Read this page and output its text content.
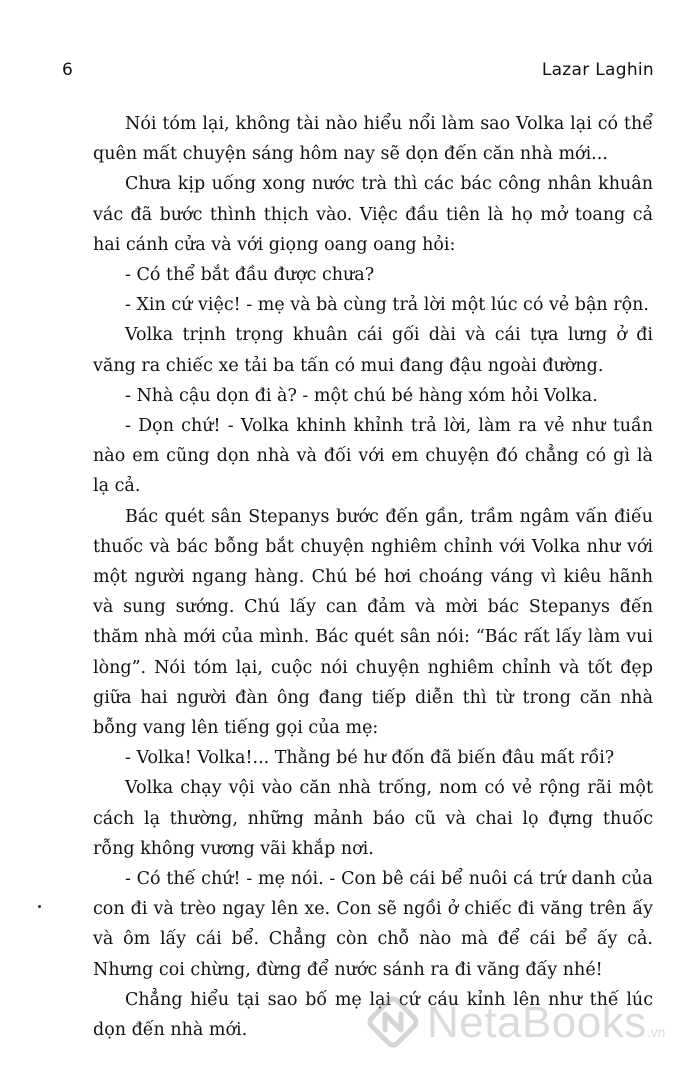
6	Lazar Laghin

Nói tóm lại, không tài nào hiểu nổi làm sao Volka lại có thể quên mất chuyện sáng hôm nay sẽ dọn đến căn nhà mới...

Chưa kịp uống xong nước trà thì các bác công nhân khuân vác đã bước thình thịch vào. Việc đầu tiên là họ mở toang cả hai cánh cửa và với giọng oang oang hỏi:

- Có thể bắt đầu được chưa?

- Xin cứ việc! - mẹ và bà cùng trả lời một lúc có vẻ bận rộn.

Volka trịnh trọng khuân cái gối dài và cái tựa lưng ở đi văng ra chiếc xe tải ba tấn có mui đang đậu ngoài đường.

- Nhà cậu dọn đi à? - một chú bé hàng xóm hỏi Volka.

- Dọn chứ! - Volka khinh khỉnh trả lời, làm ra vẻ như tuần nào em cũng dọn nhà và đối với em chuyện đó chẳng có gì là lạ cả.

Bác quét sân Stepanys bước đến gần, trầm ngâm vấn điếu thuốc và bác bỗng bắt chuyện nghiêm chỉnh với Volka như với một người ngang hàng. Chú bé hơi choáng váng vì kiêu hãnh và sung sướng. Chú lấy can đảm và mời bác Stepanys đến thăm nhà mới của mình. Bác quét sân nói: “Bác rất lấy làm vui lòng”. Nói tóm lại, cuộc nói chuyện nghiêm chỉnh và tốt đẹp giữa hai người đàn ông đang tiếp diễn thì từ trong căn nhà bỗng vang lên tiếng gọi của mẹ:

- Volka! Volka!... Thằng bé hư đốn đã biến đâu mất rồi?

Volka chạy vội vào căn nhà trống, nom có vẻ rộng rãi một cách lạ thường, những mảnh báo cũ và chai lọ đựng thuốc rỗng không vương vãi khắp nơi.

- Có thế chứ! - mẹ nói. - Con bê cái bể nuôi cá trứ danh của con đi và trèo ngay lên xe. Con sẽ ngồi ở chiếc đi văng trên ấy và ôm lấy cái bể. Chẳng còn chỗ nào mà để cái bể ấy cả. Nhưng coi chừng, đừng để nước sánh ra đi văng đấy nhé!

Chẳng hiểu tại sao bố mẹ lại cứ cáu kỉnh lên như thế lúc dọn đến nhà mới.	NetaBooks.vn
